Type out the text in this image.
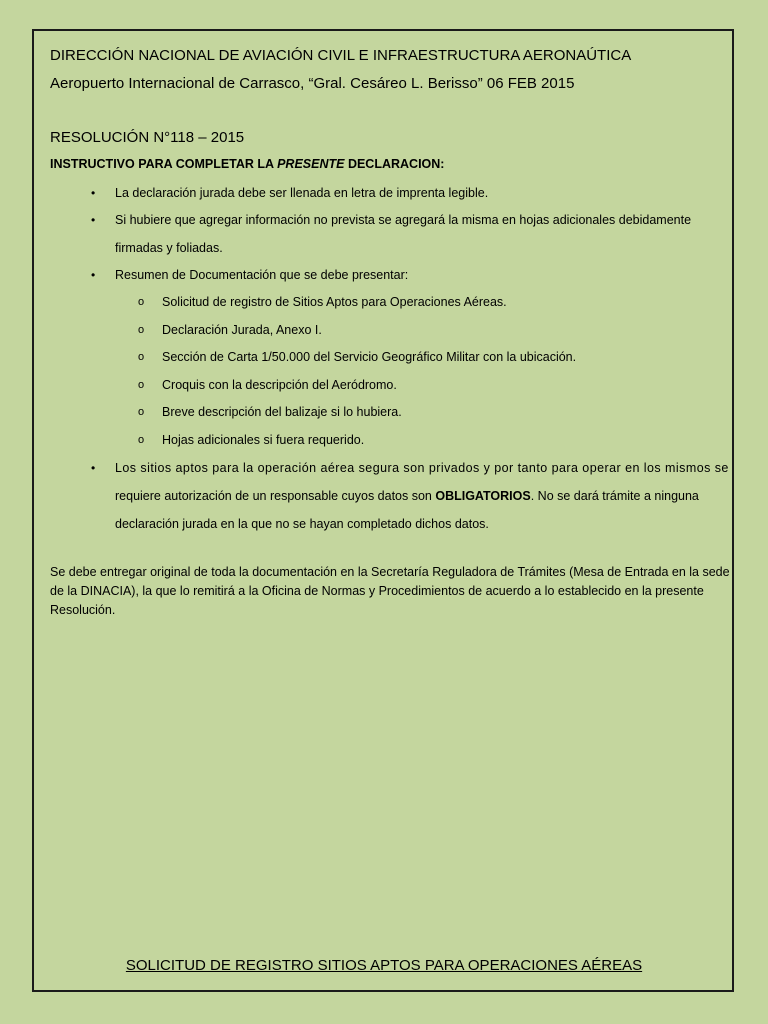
DIRECCIÓN NACIONAL DE AVIACIÓN CIVIL E INFRAESTRUCTURA AERONAÚTICA
Aeropuerto Internacional de Carrasco, “Gral. Cesáreo L. Berisso” 06 FEB 2015
RESOLUCIÓN N°118 – 2015
INSTRUCTIVO PARA COMPLETAR LA PRESENTE DECLARACION:
• La declaración jurada debe ser llenada en letra de imprenta legible.
• Si hubiere que agregar información no prevista se agregará la misma en hojas adicionales debidamente
firmadas y foliadas.
• Resumen de Documentación que se debe presentar:
o Solicitud de registro de Sitios Aptos para Operaciones Aéreas.
o Declaración Jurada, Anexo I.
o Sección de Carta 1/50.000 del Servicio Geográfico Militar con la ubicación.
o Croquis con la descripción del Aeródromo.
o Breve descripción del balizaje si lo hubiera.
o Hojas adicionales si fuera requerido.
• Los sitios aptos para la operación aérea segura son privados y por tanto para operar en los mismos se
requiere autorización de un responsable cuyos datos son OBLIGATORIOS. No se dará trámite a ninguna
declaración jurada en la que no se hayan completado dichos datos.
Se debe entregar original de toda la documentación en la Secretaría Reguladora de Trámites (Mesa de Entrada en la sede de la DINACIA), la que lo remitirá a la Oficina de Normas y Procedimientos de acuerdo a lo establecido en la presente Resolución.
SOLICITUD DE REGISTRO SITIOS APTOS PARA OPERACIONES AÉREAS
